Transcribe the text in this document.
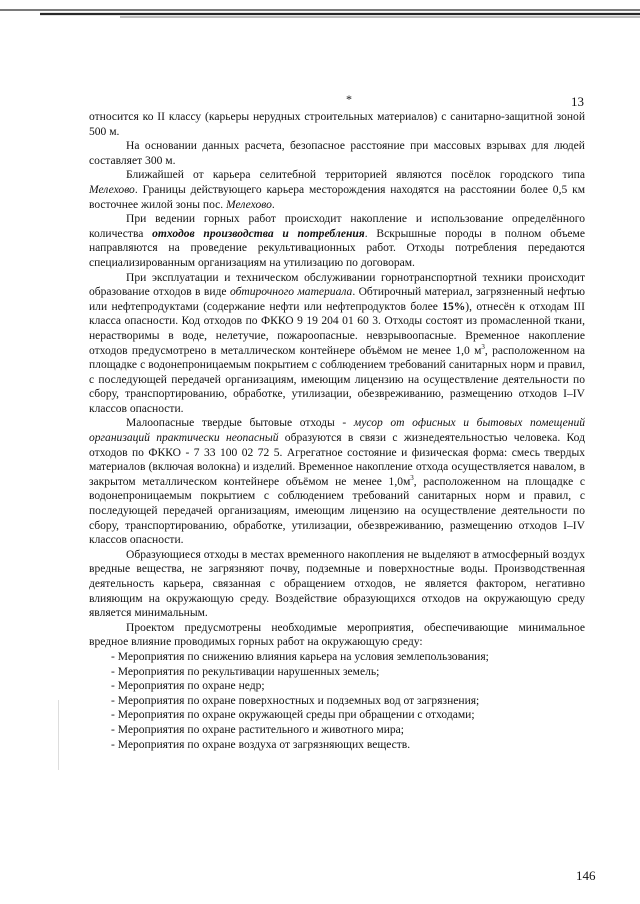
*	13

относится ко II классу (карьеры нерудных строительных материалов) с санитарно-защитной зоной 500 м.

На основании данных расчета, безопасное расстояние при массовых взрывах для людей составляет 300 м.

Ближайшей от карьера селитебной территорией являются посёлок городского типа Мелехово. Границы действующего карьера месторождения находятся на расстоянии более 0,5 км восточнее жилой зоны пос. Мелехово.

При ведении горных работ происходит накопление и использование определённого количества отходов производства и потребления. Вскрышные породы в полном объеме направляются на проведение рекультивационных работ. Отходы потребления передаются специализированным организациям на утилизацию по договорам.

При эксплуатации и техническом обслуживании горнотранспортной техники происходит образование отходов в виде обтирочного материала. Обтирочный материал, загрязненный нефтью или нефтепродуктами (содержание нефти или нефтепродуктов более 15%), отнесён к отходам III класса опасности. Код отходов по ФККО 9 19 204 01 60 3. Отходы состоят из промасленной ткани, нерастворимы в воде, нелетучие, пожароопасные. невзрывоопасные. Временное накопление отходов предусмотрено в металлическом контейнере объёмом не менее 1,0 $м^3$, расположенном на площадке с водонепроницаемым покрытием с соблюдением требований санитарных норм и правил, с последующей передачей организациям, имеющим лицензию на осуществление деятельности по сбору, транспортированию, обработке, утилизации, обезвреживанию, размещению отходов I–IV классов опасности.

Малоопасные твердые бытовые отходы - мусор от офисных и бытовых помещений организаций практически неопасный образуются в связи с жизнедеятельностью человека. Код отходов по ФККО - 7 33 100 02 72 5. Агрегатное состояние и физическая форма: смесь твердых материалов (включая волокна) и изделий. Временное накопление отхода осуществляется навалом, в закрытом металлическом контейнере объёмом не менее $1,0м^3$, расположенном на площадке с водонепроницаемым покрытием с соблюдением требований санитарных норм и правил, с последующей передачей организациям, имеющим лицензию на осуществление деятельности по сбору, транспортированию, обработке, утилизации, обезвреживанию, размещению отходов I–IV классов опасности.

Образующиеся отходы в местах временного накопления не выделяют в атмосферный воздух вредные вещества, не загрязняют почву, подземные и поверхностные воды. Производственная деятельность карьера, связанная с обращением отходов, не является фактором, негативно влияющим на окружающую среду. Воздействие образующихся отходов на окружающую среду является минимальным.

Проектом предусмотрены необходимые мероприятия, обеспечивающие минимальное вредное влияние проводимых горных работ на окружающую среду:

- Мероприятия по снижению влияния карьера на условия землепользования;
- Мероприятия по рекультивации нарушенных земель;
- Мероприятия по охране недр;
- Мероприятия по охране поверхностных и подземных вод от загрязнения;
- Мероприятия по охране окружающей среды при обращении с отходами;
- Мероприятия по охране растительного и животного мира;
- Мероприятия по охране воздуха от загрязняющих веществ.
146
